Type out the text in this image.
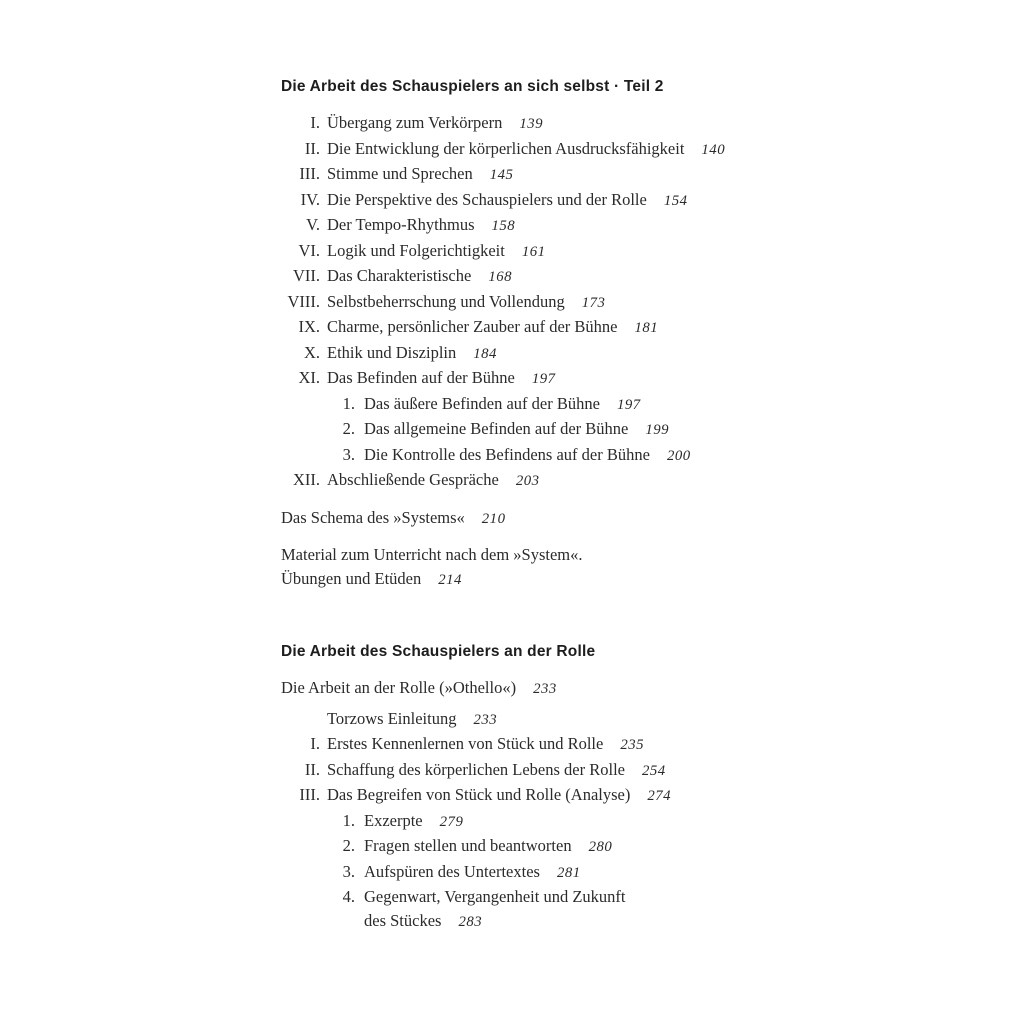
Die Arbeit des Schauspielers an sich selbst · Teil 2
I. Übergang zum Verkörpern 139
II. Die Entwicklung der körperlichen Ausdrucksfähigkeit 140
III. Stimme und Sprechen 145
IV. Die Perspektive des Schauspielers und der Rolle 154
V. Der Tempo-Rhythmus 158
VI. Logik und Folgerichtigkeit 161
VII. Das Charakteristische 168
VIII. Selbstbeherrschung und Vollendung 173
IX. Charme, persönlicher Zauber auf der Bühne 181
X. Ethik und Disziplin 184
XI. Das Befinden auf der Bühne 197
1. Das äußere Befinden auf der Bühne 197
2. Das allgemeine Befinden auf der Bühne 199
3. Die Kontrolle des Befindens auf der Bühne 200
XII. Abschließende Gespräche 203
Das Schema des »Systems« 210
Material zum Unterricht nach dem »System«.
Übungen und Etüden 214
Die Arbeit des Schauspielers an der Rolle
Die Arbeit an der Rolle (»Othello«) 233
Torzows Einleitung 233
I. Erstes Kennenlernen von Stück und Rolle 235
II. Schaffung des körperlichen Lebens der Rolle 254
III. Das Begreifen von Stück und Rolle (Analyse) 274
1. Exzerpte 279
2. Fragen stellen und beantworten 280
3. Aufspüren des Untertextes 281
4. Gegenwart, Vergangenheit und Zukunft
des Stückes 283
